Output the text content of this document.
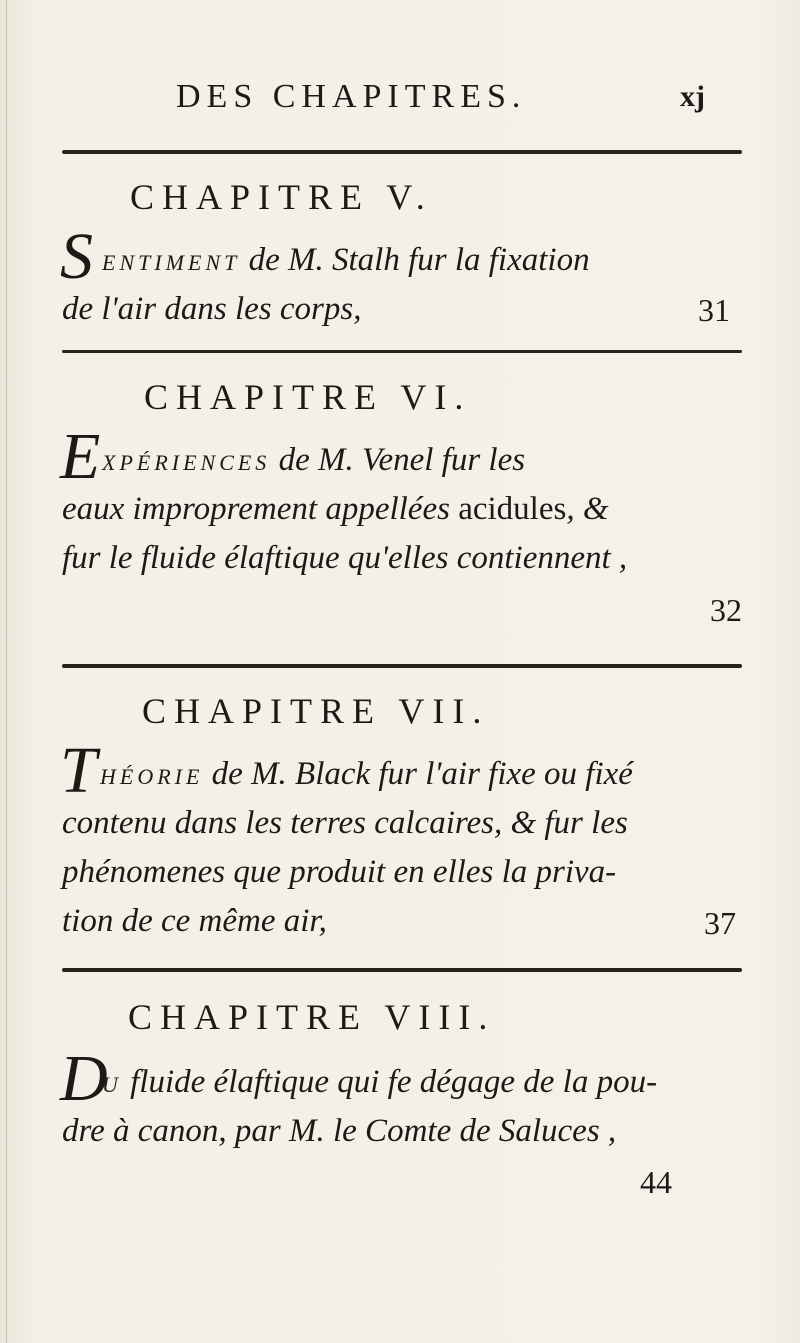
DES CHAPITRES.	xj
CHAPITRE V.
S ENTIMENT de M. Stalh fur la fixation
de l'air dans les corps,	31
CHAPITRE VI.
E XPÉRIENCES de M. Venel fur les
eaux improprement appellées acidules, &
fur le fluide élaftique qu'elles contiennent ,
32
CHAPITRE VII.
T HÉORIE de M. Black fur l'air fixe ou fixé
contenu dans les terres calcaires, & fur les
phénomenes que produit en elles la priva-
tion de ce même air,	37
CHAPITRE VIII.
D
U fluide élaftique qui fe dégage de la pou-
dre à canon, par M. le Comte de Saluces ,
44
